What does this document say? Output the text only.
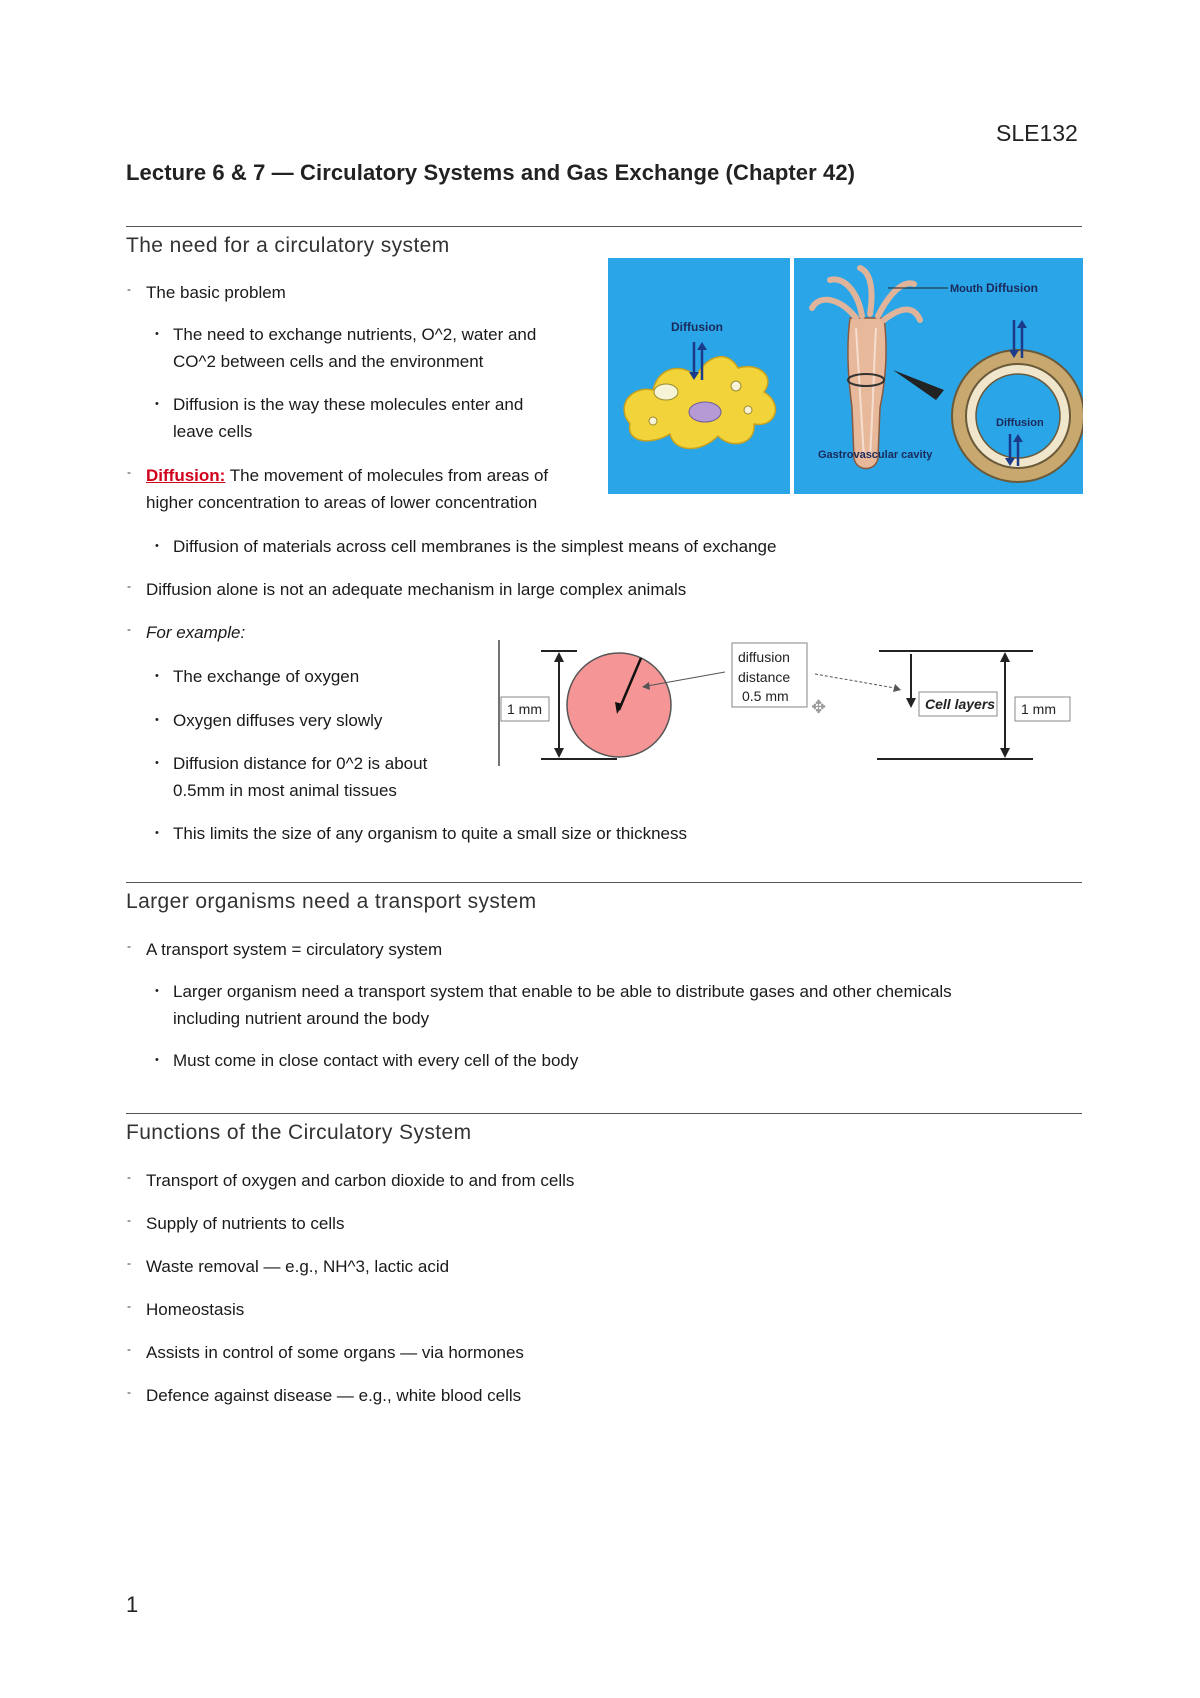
SLE132
Lecture 6 & 7 — Circulatory Systems and Gas Exchange (Chapter 42)
The need for a circulatory system
- The basic problem
• The need to exchange nutrients, O^2, water and
CO^2 between cells and the environment
• Diffusion is the way these molecules enter and
leave cells
- Diffusion: The movement of molecules from areas of
higher concentration to areas of lower concentration
• Diffusion of materials across cell membranes is the simplest means of exchange
- Diffusion alone is not an adequate mechanism in large complex animals
- For example:
• The exchange of oxygen
• Oxygen diffuses very slowly
• Diffusion distance for 0^2 is about
0.5mm in most animal tissues
• This limits the size of any organism to quite a small size or thickness
Diffusion
Mouth Diffusion
Diffusion
Gastrovascular cavity
1 mm
diffusion
distance
0.5 mm
✥	Cell layers 1 mm
Larger organisms need a transport system
- A transport system = circulatory system
• Larger organism need a transport system that enable to be able to distribute gases and other chemicals
including nutrient around the body
• Must come in close contact with every cell of the body
Functions of the Circulatory System
- Transport of oxygen and carbon dioxide to and from cells
- Supply of nutrients to cells
- Waste removal — e.g., NH^3, lactic acid
- Homeostasis
- Assists in control of some organs — via hormones
- Defence against disease — e.g., white blood cells
1
